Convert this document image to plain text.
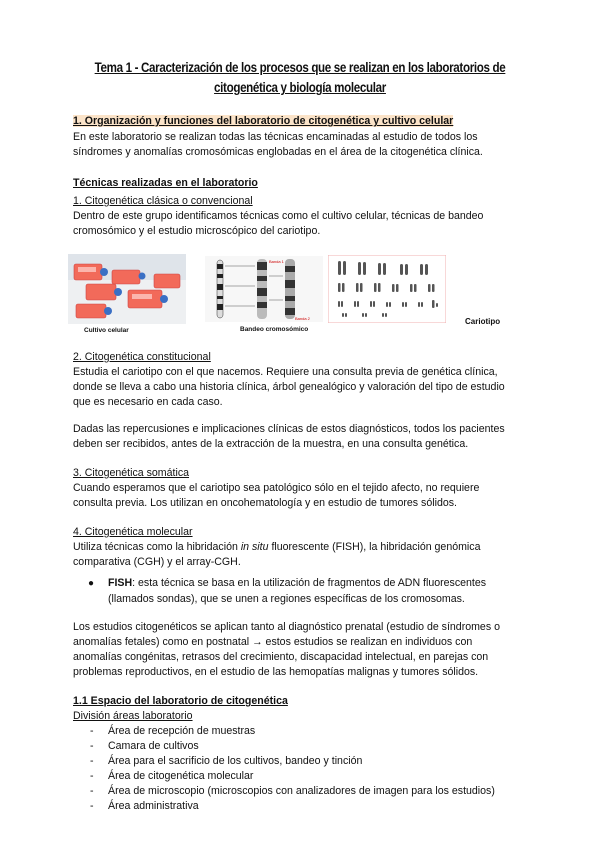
Tema 1 - Caracterización de los procesos que se realizan en los laboratorios de
citogenética y biología molecular
1. Organización y funciones del laboratorio de citogenética y cultivo celular
En este laboratorio se realizan todas las técnicas encaminadas al estudio de todos los
síndromes y anomalías cromosómicas englobadas en el área de la citogenética clínica.
Técnicas realizadas en el laboratorio
1. Citogenética clásica o convencional
Dentro de este grupo identificamos técnicas como el cultivo celular, técnicas de bandeo
cromosómico y el estudio microscópico del cariotipo.
Cultivo celular
Banda 1
Banda 2
Bandeo cromosómico
Cariotipo
2. Citogenética constitucional
Estudia el cariotipo con el que nacemos. Requiere una consulta previa de genética clínica,
donde se lleva a cabo una historia clínica, árbol genealógico y valoración del tipo de estudio
que es necesario en cada caso.
Dadas las repercusiones e implicaciones clínicas de estos diagnósticos, todos los pacientes
deben ser recibidos, antes de la extracción de la muestra, en una consulta genética.
3. Citogenética somática
Cuando esperamos que el cariotipo sea patológico sólo en el tejido afecto, no requiere
consulta previa. Los utilizan en oncohematología y en estudio de tumores sólidos.
4. Citogenética molecular
Utiliza técnicas como la hibridación in situ fluorescente (FISH), la hibridación genómica
comparativa (CGH) y el array-CGH.
● FISH: esta técnica se basa en la utilización de fragmentos de ADN fluorescentes
(llamados sondas), que se unen a regiones específicas de los cromosomas.
Los estudios citogenéticos se aplican tanto al diagnóstico prenatal (estudio de síndromes o
anomalías fetales) como en postnatal → estos estudios se realizan en individuos con
anomalías congénitas, retrasos del crecimiento, discapacidad intelectual, en parejas con
problemas reproductivos, en el estudio de las hemopatías malignas y tumores sólidos.
1.1 Espacio del laboratorio de citogenética
División áreas laboratorio
- Área de recepción de muestras
- Camara de cultivos
- Área para el sacrificio de los cultivos, bandeo y tinción
- Área de citogenética molecular
- Área de microscopio (microscopios con analizadores de imagen para los estudios)
- Área administrativa
